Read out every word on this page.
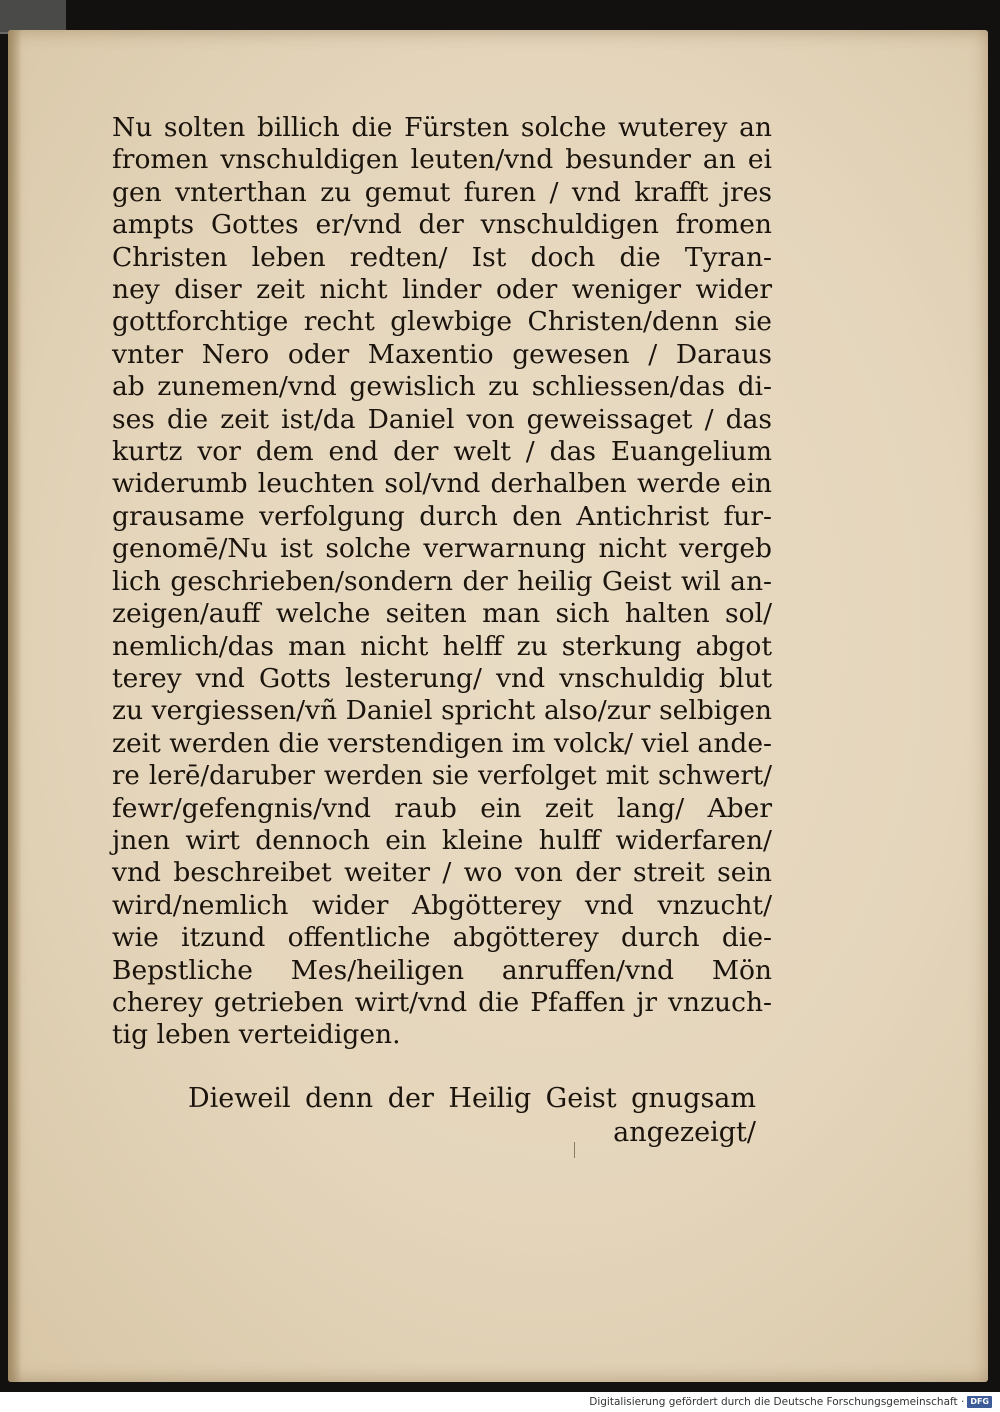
Nu solten billich die Fürsten solche wuterey an
fromen vnschuldigen leuten/vnd besunder an ei
gen vnterthan zu gemut furen / vnd krafft jres
ampts Gottes er/vnd der vnschuldigen fromen
Christen leben redten/ Ist doch die Tyran-
ney diser zeit nicht linder oder weniger wider
gottforchtige recht glewbige Christen/denn sie
vnter Nero oder Maxentio gewesen / Daraus
ab zunemen/vnd gewislich zu schliessen/das di-
ses die zeit ist/da Daniel von geweissaget / das
kurtz vor dem end der welt / das Euangelium
widerumb leuchten sol/vnd derhalben werde ein
grausame verfolgung durch den Antichrist fur-
genomē/Nu ist solche verwarnung nicht vergeb
lich geschrieben/sondern der heilig Geist wil an-
zeigen/auff welche seiten man sich halten sol/
nemlich/das man nicht helff zu sterkung abgot
terey vnd Gotts lesterung/ vnd vnschuldig blut
zu vergiessen/vñ Daniel spricht also/zur selbigen
zeit werden die verstendigen im volck/ viel ande-
re lerē/daruber werden sie verfolget mit schwert/
fewr/gefengnis/vnd raub ein zeit lang/ Aber
jnen wirt dennoch ein kleine hulff widerfaren/
vnd beschreibet weiter / wo von der streit sein
wird/nemlich wider Abgötterey vnd vnzucht/
wie itzund offentliche abgötterey durch die-
Bepstliche Mes/heiligen anruffen/vnd Mön
cherey getrieben wirt/vnd die Pfaffen jr vnzuch-
tig leben verteidigen.
Dieweil denn der Heilig Geist gnugsam
angezeigt/
Digitalisierung gefördert durch die Deutsche Forschungsgemeinschaft · DFG
